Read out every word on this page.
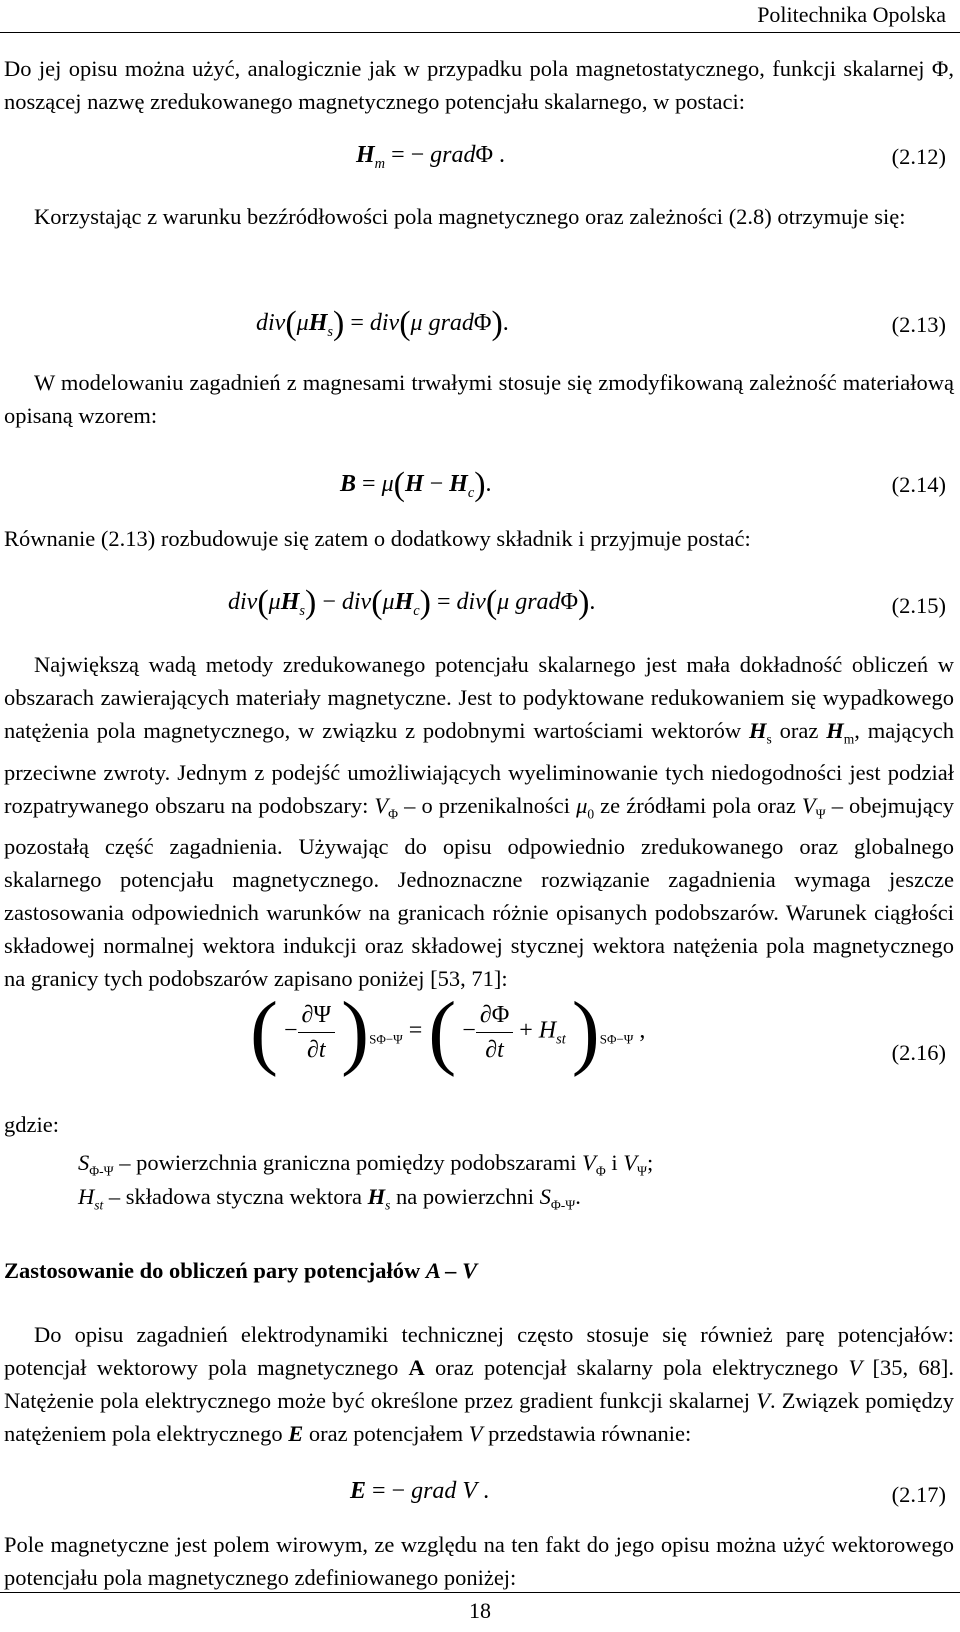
Politechnika Opolska

Do jej opisu można użyć, analogicznie jak w przypadku pola magnetostatycznego, funkcji skalarnej Φ, noszącej nazwę zredukowanego magnetycznego potencjału skalarnego, w postaci:

$H_m$ = − gradΦ .	(2.12)

Korzystając z warunku bezźródłowości pola magnetycznego oraz zależności (2.8) otrzymuje się:

$div(\mu H_s) = div(\mu$ gradΦ).	(2.13)

W modelowaniu zagadnień z magnesami trwałymi stosuje się zmodyfikowaną zależność materiałową opisaną wzorem:

$B = \mu(H - H_c)$.	(2.14)

Równanie (2.13) rozbudowuje się zatem o dodatkowy składnik i przyjmuje postać:

$div(\mu H_s) - div(\mu H_c) = div(\mu$ gradΦ).	(2.15)

Największą wadą metody zredukowanego potencjału skalarnego jest mała dokładność obliczeń w obszarach zawierających materiały magnetyczne. Jest to podyktowane redukowaniem się wypadkowego natężenia pola magnetycznego, w związku z podobnymi wartościami wektorów $H_s$ oraz $H_m$, mających przeciwne zwroty. Jednym z podejść umożliwiających wyeliminowanie tych niedogodności jest podział rozpatrywanego obszaru na podobszary: $V_\Phi$ – o przenikalności $\mu_0$ ze źródłami pola oraz $V_\Psi$ – obejmujący pozostałą część zagadnienia. Używając do opisu odpowiednio zredukowanego oraz globalnego skalarnego potencjału magnetycznego. Jednoznaczne rozwiązanie zagadnienia wymaga jeszcze zastosowania odpowiednich warunków na granicach różnie opisanych podobszarów. Warunek ciągłości składowej normalnej wektora indukcji oraz składowej stycznej wektora natężenia pola magnetycznego na granicy tych podobszarów zapisano poniżej [53, 71]:

( − $\frac{\partial\Psi}{\partial t} )_{S\Phi-\Psi}$ = ( − $\frac{\partial\Phi}{\partial t} + H_{st}$ )$_{S\Phi-\Psi}$ ,
(2.16)
gdzie:
$S_{\Phi-\Psi}$ – powierzchnia graniczna pomiędzy podobszarami $V_\Phi$ i $V_\Psi$;
$H_{st}$ – składowa styczna wektora $H_s$ na powierzchni $S_{\Phi-\Psi}$.
Zastosowanie do obliczeń pary potencjałów A – V

Do opisu zagadnień elektrodynamiki technicznej często stosuje się również parę potencjałów: potencjał wektorowy pola magnetycznego A oraz potencjał skalarny pola elektrycznego V [35, 68]. Natężenie pola elektrycznego może być określone przez gradient funkcji skalarnej V. Związek pomiędzy natężeniem pola elektrycznego E oraz potencjałem V przedstawia równanie:

E = − grad V .	(2.17)

Pole magnetyczne jest polem wirowym, ze względu na ten fakt do jego opisu można użyć wektorowego potencjału pola magnetycznego zdefiniowanego poniżej:

18
